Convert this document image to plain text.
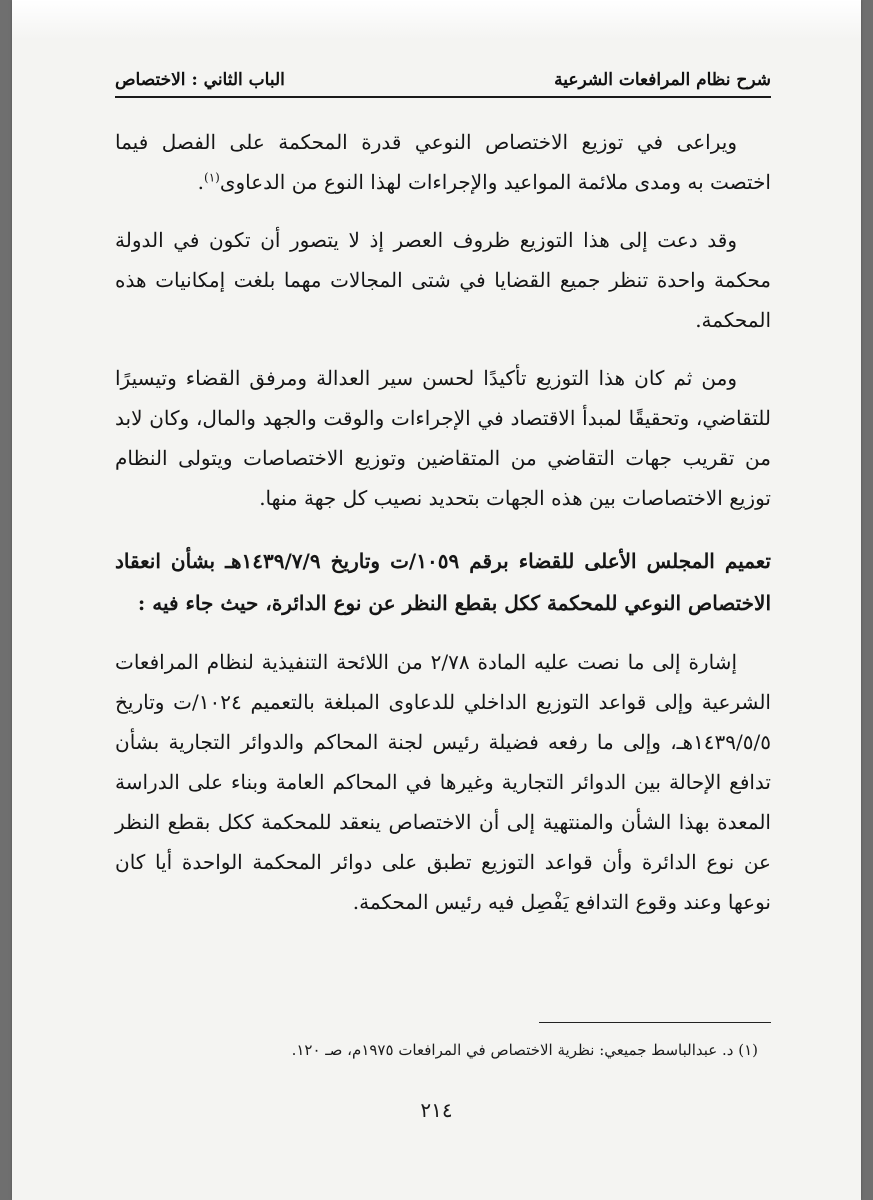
شرح نظام المرافعات الشرعية
الباب الثاني : الاختصاص

ويراعى في توزيع الاختصاص النوعي قدرة المحكمة على الفصل فيما اختصت به ومدى ملائمة المواعيد والإجراءات لهذا النوع من الدعاوى$^{(١)}$.

وقد دعت إلى هذا التوزيع ظروف العصر إذ لا يتصور أن تكون في الدولة محكمة واحدة تنظر جميع القضايا في شتى المجالات مهما بلغت إمكانيات هذه المحكمة.

ومن ثم كان هذا التوزيع تأكيدًا لحسن سير العدالة ومرفق القضاء وتيسيرًا للتقاضي، وتحقيقًا لمبدأ الاقتصاد في الإجراءات والوقت والجهد والمال، وكان لابد من تقريب جهات التقاضي من المتقاضين وتوزيع الاختصاصات ويتولى النظام توزيع الاختصاصات بين هذه الجهات بتحديد نصيب كل جهة منها.

تعميم المجلس الأعلى للقضاء برقم ١٠٥٩/ت وتاريخ ١٤٣٩/٧/٩هـ بشأن انعقاد الاختصاص النوعي للمحكمة ككل بقطع النظر عن نوع الدائرة، حيث جاء فيه :

إشارة إلى ما نصت عليه المادة ٢/٧٨ من اللائحة التنفيذية لنظام المرافعات الشرعية وإلى قواعد التوزيع الداخلي للدعاوى المبلغة بالتعميم ١٠٢٤/ت وتاريخ ١٤٣٩/٥/٥هـ، وإلى ما رفعه فضيلة رئيس لجنة المحاكم والدوائر التجارية بشأن تدافع الإحالة بين الدوائر التجارية وغيرها في المحاكم العامة وبناء على الدراسة المعدة بهذا الشأن والمنتهية إلى أن الاختصاص ينعقد للمحكمة ككل بقطع النظر عن نوع الدائرة وأن قواعد التوزيع تطبق على دوائر المحكمة الواحدة أيا كان نوعها وعند وقوع التدافع يَفْصِل فيه رئيس المحكمة.

(١) د. عبدالباسط جميعي: نظرية الاختصاص في المرافعات ١٩٧٥م، صـ ١٢٠.
٢١٤
